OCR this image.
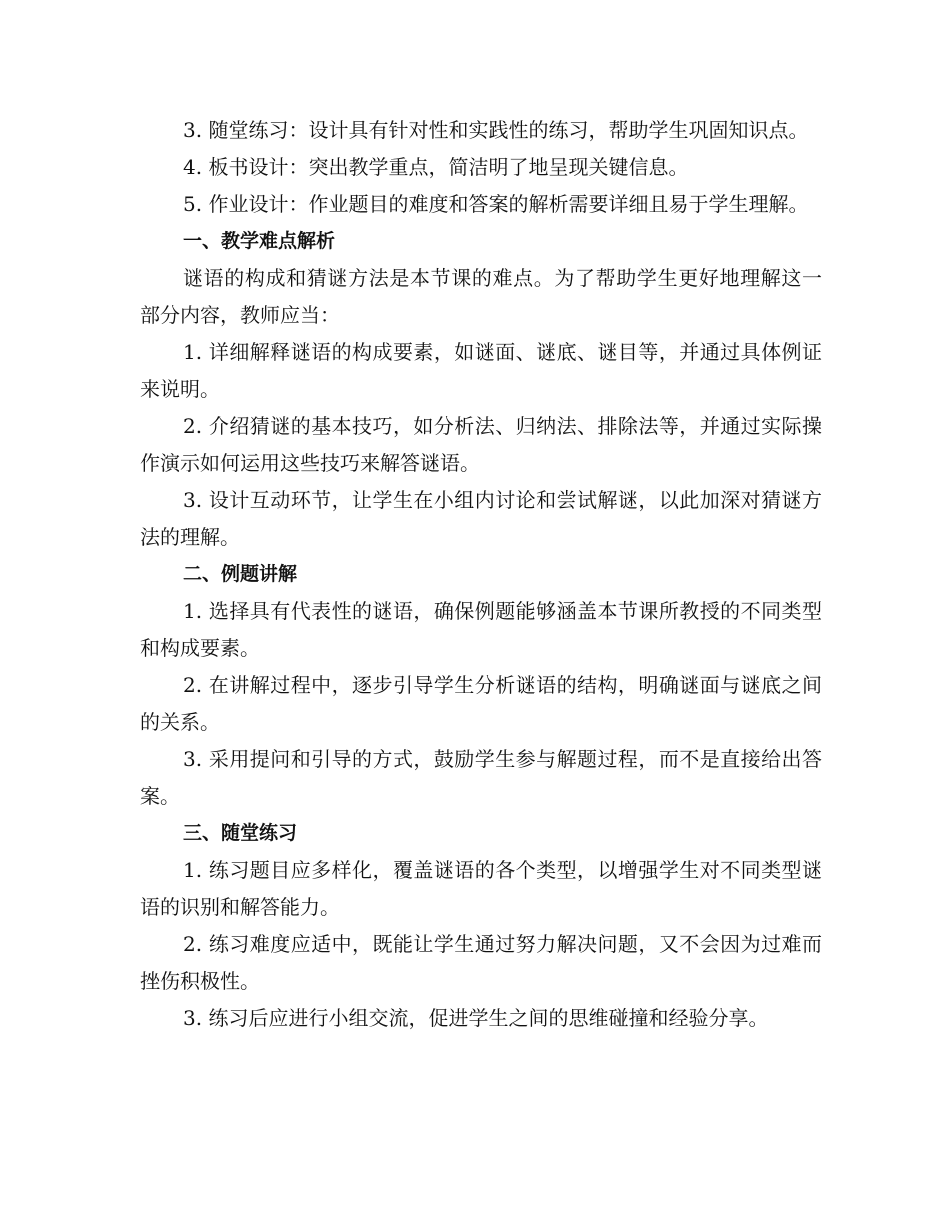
3. 随堂练习：设计具有针对性和实践性的练习，帮助学生巩固知识点。

4. 板书设计：突出教学重点，简洁明了地呈现关键信息。

5. 作业设计：作业题目的难度和答案的解析需要详细且易于学生理解。

一、教学难点解析

谜语的构成和猜谜方法是本节课的难点。为了帮助学生更好地理解这一部分内容，教师应当：

1. 详细解释谜语的构成要素，如谜面、谜底、谜目等，并通过具体例证来说明。

2. 介绍猜谜的基本技巧，如分析法、归纳法、排除法等，并通过实际操作演示如何运用这些技巧来解答谜语。

3. 设计互动环节，让学生在小组内讨论和尝试解谜，以此加深对猜谜方法的理解。

二、例题讲解

1. 选择具有代表性的谜语，确保例题能够涵盖本节课所教授的不同类型和构成要素。

2. 在讲解过程中，逐步引导学生分析谜语的结构，明确谜面与谜底之间的关系。

3. 采用提问和引导的方式，鼓励学生参与解题过程，而不是直接给出答案。

三、随堂练习

1. 练习题目应多样化，覆盖谜语的各个类型，以增强学生对不同类型谜语的识别和解答能力。

2. 练习难度应适中，既能让学生通过努力解决问题，又不会因为过难而挫伤积极性。

3. 练习后应进行小组交流，促进学生之间的思维碰撞和经验分享。
